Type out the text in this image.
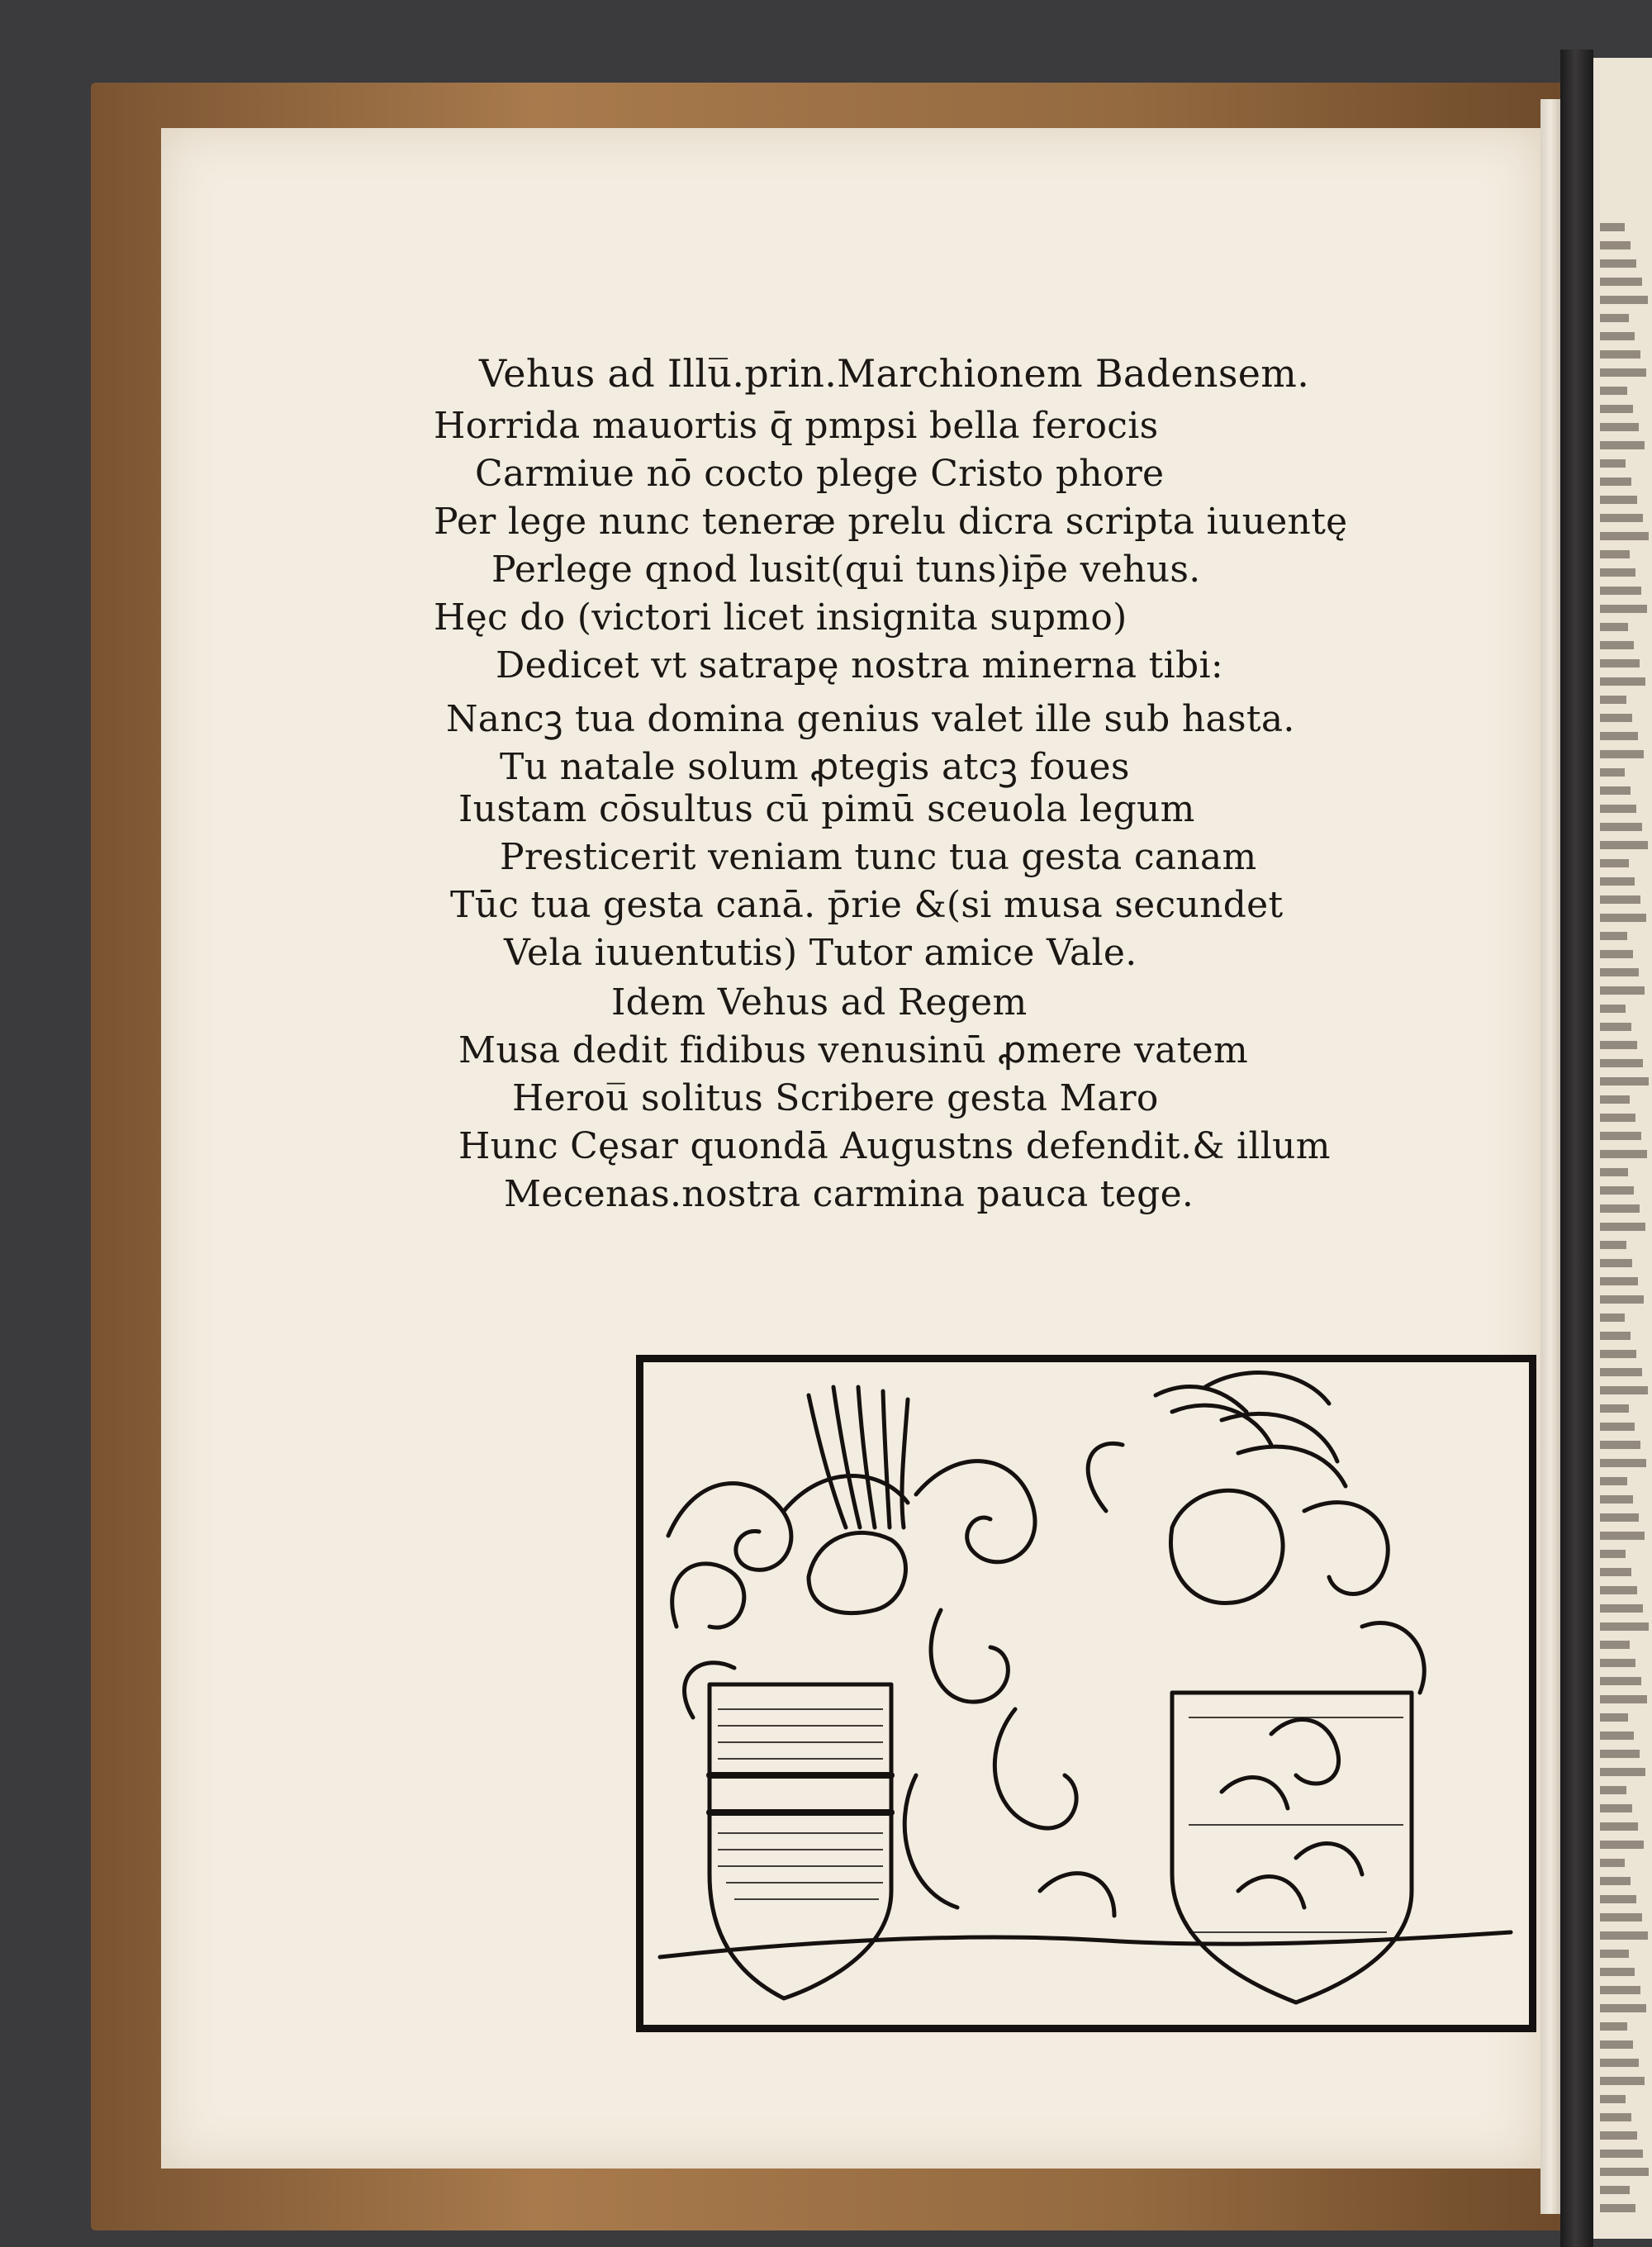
Vehus ad Illu̅.prin.Marchionem Badensem.
Horrida mauortis q̄ pmpsi bella ferocis
Carmiue nō cocto plege Cristo phore
Per lege nunc teneræ prelu dicra scripta iuuentę
Perlege qnod lusit(qui tuns)ip̄e vehus.
Hęc do (victori licet insignita supmo)
Dedicet vt satrapę nostra minerna tibi:
Nancꝫ tua domina genius valet ille sub hasta.
Tu natale solum ꝓtegis atcꝫ foues
Iustam cōsultus cū pimū sceuola legum
Presticerit veniam tunc tua gesta canam
Tūc tua gesta canā. p̄rie &(si musa secundet
Vela iuuentutis) Tutor amice Vale.
Idem Vehus ad Regem
Musa dedit fidibus venusinū ꝓmere vatem
Herou̅ solitus Scribere gesta Maro
Hunc Cęsar quondā Augustns defendit.& illum
Mecenas.nostra carmina pauca tege.
